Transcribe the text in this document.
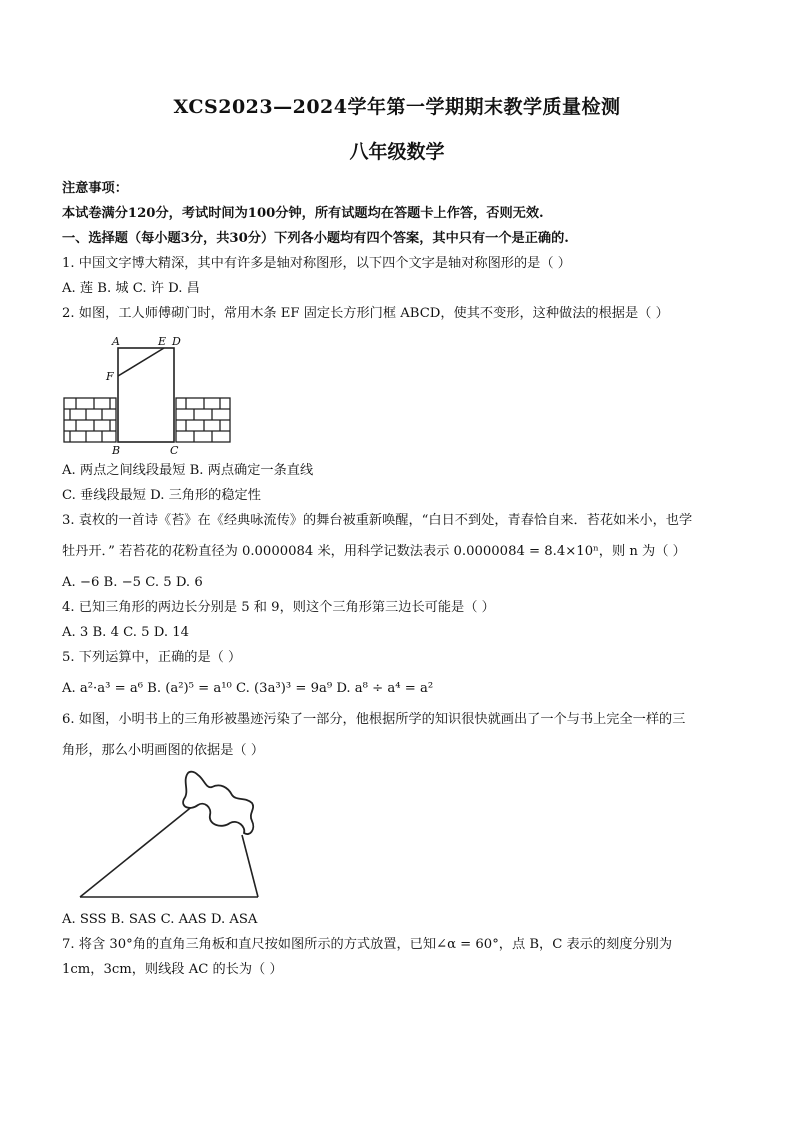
XCS2023—2024学年第一学期期末教学质量检测

八年级数学

注意事项：

本试卷满分120分，考试时间为100分钟，所有试题均在答题卡上作答，否则无效.

一、选择题（每小题3分，共30分）下列各小题均有四个答案，其中只有一个是正确的.

1. 中国文字博大精深，其中有许多是轴对称图形，以下四个文字是轴对称图形的是（ ）

A. 莲 B. 城 C. 许 D. 昌

2. 如图，工人师傅砌门时，常用木条 EF 固定长方形门框 ABCD，使其不变形，这种做法的根据是（ ）

A	E D
F
B	C

A. 两点之间线段最短 B. 两点确定一条直线

C. 垂线段最短 D. 三角形的稳定性

3. 袁枚的一首诗《苔》在《经典咏流传》的舞台被重新唤醒，“白日不到处，青春恰自来．苔花如米小，也学

牡丹开．” 若苔花的花粉直径为 0.0000084 米，用科学记数法表示 0.0000084 = 8.4×10ⁿ，则 n 为（ ）

A. −6 B. −5 C. 5 D. 6

4. 已知三角形的两边长分别是 5 和 9，则这个三角形第三边长可能是（ ）

A. 3 B. 4 C. 5 D. 14

5. 下列运算中，正确的是（ ）

A. a²·a³ = a⁶ B. (a²)⁵ = a¹⁰ C. (3a³)³ = 9a⁹ D. a⁸ ÷ a⁴ = a²

6. 如图，小明书上的三角形被墨迹污染了一部分，他根据所学的知识很快就画出了一个与书上完全一样的三

角形，那么小明画图的依据是（ ）

A. SSS B. SAS C. AAS D. ASA

7. 将含 30°角的直角三角板和直尺按如图所示的方式放置，已知∠α = 60°，点 B，C 表示的刻度分别为

1cm，3cm，则线段 AC 的长为（ ）
